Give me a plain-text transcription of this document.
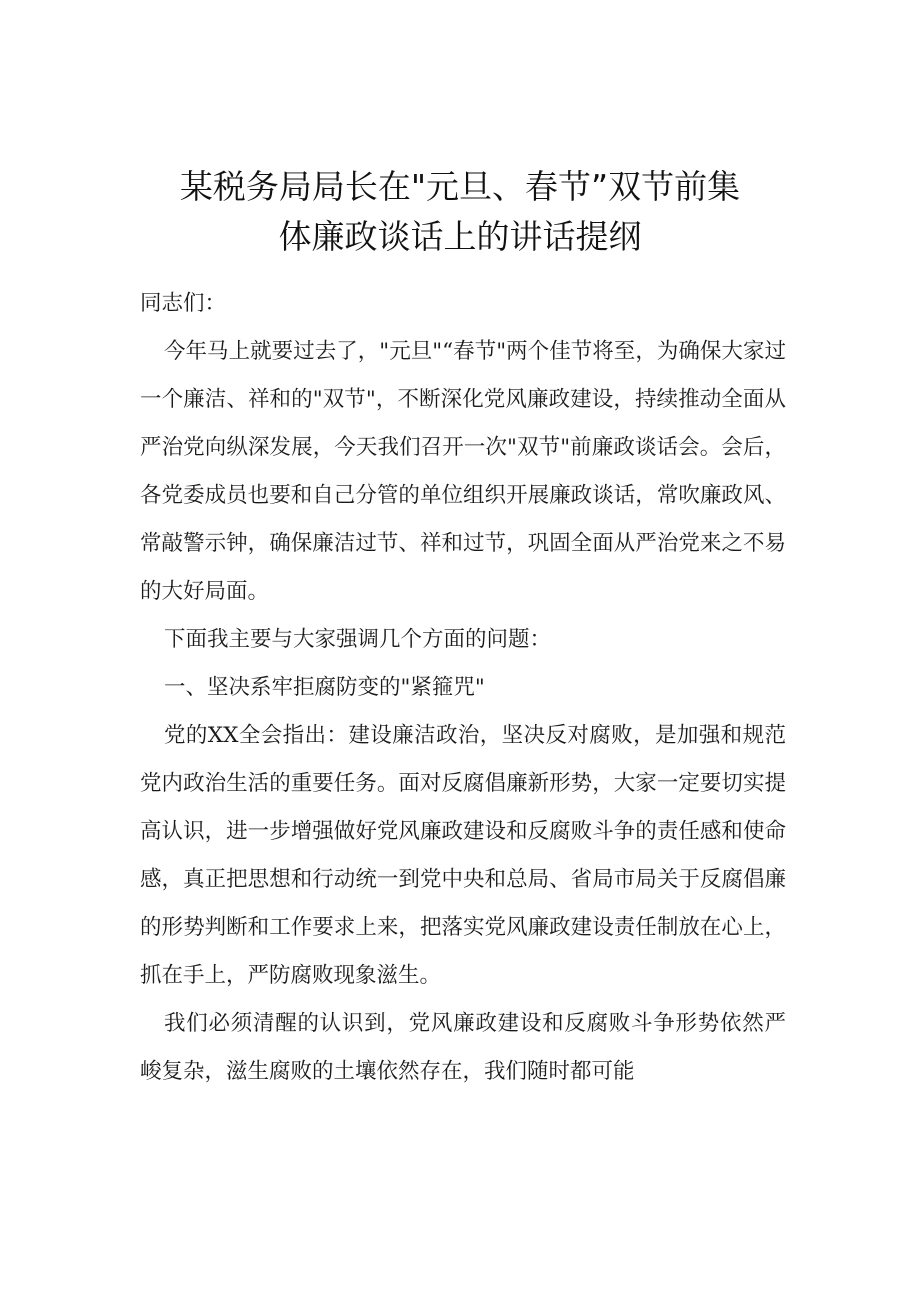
某税务局局长在"元旦、春节”双节前集
体廉政谈话上的讲话提纲
同志们：

今年马上就要过去了，"元旦"“春节"两个佳节将至，为确保大家过一个廉洁、祥和的"双节"，不断深化党风廉政建设，持续推动全面从严治党向纵深发展，今天我们召开一次"双节"前廉政谈话会。会后，各党委成员也要和自己分管的单位组织开展廉政谈话，常吹廉政风、常敲警示钟，确保廉洁过节、祥和过节，巩固全面从严治党来之不易的大好局面。

下面我主要与大家强调几个方面的问题：

一、坚决系牢拒腐防变的"紧箍咒"

党的XX全会指出：建设廉洁政治，坚决反对腐败，是加强和规范党内政治生活的重要任务。面对反腐倡廉新形势，大家一定要切实提高认识，进一步增强做好党风廉政建设和反腐败斗争的责任感和使命感，真正把思想和行动统一到党中央和总局、省局市局关于反腐倡廉的形势判断和工作要求上来，把落实党风廉政建设责任制放在心上，抓在手上，严防腐败现象滋生。

我们必须清醒的认识到，党风廉政建设和反腐败斗争形势依然严峻复杂，滋生腐败的土壤依然存在，我们随时都可能
